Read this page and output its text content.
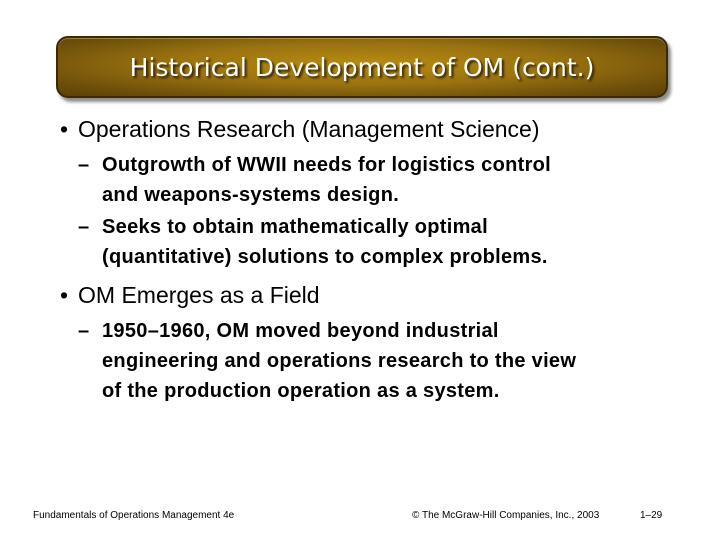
Historical Development of OM (cont.)
• Operations Research (Management Science)
– Outgrowth of WWII needs for logistics control
and weapons-systems design.
– Seeks to obtain mathematically optimal
(quantitative) solutions to complex problems.
• OM Emerges as a Field
– 1950–1960, OM moved beyond industrial
engineering and operations research to the view
of the production operation as a system.
Fundamentals of Operations Management 4e	© The McGraw-Hill Companies, Inc., 2003	1–29
